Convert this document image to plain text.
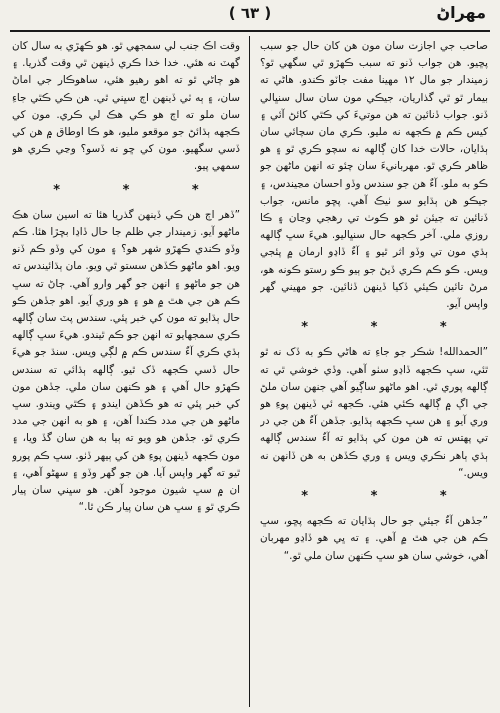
مهراڻ
( ٦٣ )

صاحب جي اجازت سان مون هن کان حال جو سبب پڇيو. هن جواب ڏنو ته سبب ڪهڙو ٿي سگهي ٿو؟ زميندار جو مال ۱۲ مهينا مفت جاٽو ڪندو. هاڻي ته بيمار ٿو ٿي گذاريان، جيڪي مون سان سال سنڀالي ڏنو. جواب ڏنائين ته هن موتيءَ کي ڪٿي کائڻ آئي ۽ کيس ڪم ۾ ڪجهه نه مليو. ڪري مان سچائي سان ٻڌايان، حالات خدا کان ڳالهه نه سچو ڪري ٿو ۽ هو ظاهر ڪري ٿو. مهربانيءَ سان چئو ته انهن ماڻهن جو ڪو به ملو. آءٌ هن جو سندس وڏو احسان مڃيندس، ۽ جيڪو هن ٻڌايو سو ٺيڪ آهي. پڇو مانس، جواب ڏنائين ته جيئن ٿو هو ڪوٺ تي رهجي وڃان ۽ ڪا روزي ملي. آخر ڪجهه حال سنڀاليو. هيءَ سڀ ڳالهه ٻڌي مون تي وڏو اثر ٿيو ۽ آءٌ ڏاڍو ارمان ۾ پئجي ويس. ڪو ڪم ڪري ڏيڻ جو ٻيو ڪو رستو ڪونه هو، مرڻ تائين ڪيئي ڏکيا ڏينهن ڏٺائين. جو مهيني گهر واپس آيو.

*	*	*

”الحمدالله! شڪر جو جاءِ ته هاڻي ڪو به ڏک نه ٿو ٿئي، سڀ ڪجهه ڏاڍو سٺو آهي. وڏي خوشي ٿي ته ڳالهه پوري ٿي. اهو ماڻهو ساڳيو آهي جنهن سان ملڻ جي اڳ ۾ ڳالهه ڪئي هئي. ڪجهه ئي ڏينهن پوءِ هو وري آيو ۽ هن سڀ ڪجهه ٻڌايو. جڏهن آءٌ هن جي در تي پهتس ته هن مون کي ٻڌايو ته آءٌ سندس ڳالهه ٻڌي ٻاهر نڪري ويس ۽ وري ڪڏهن به هن ڏانهن نه ويس.“

*	*	*

”جڏهن آءٌ جيئي جو حال ٻڌايان ته ڪجهه پڇو، سڀ ڪم هن جي هٿ ۾ آهي. ۽ ته ڀي هو ڏاڍو مهربان آهي، خوشي سان هو سڀ ڪنهن سان ملي ٿو.“

وقت اڪ جنب لي سمجهي ٿو. هو ڪهڙي به سال کان گهٽ نه هئي. خدا خدا ڪري ڏينهن ٿي وقت گذريا. ۽ هو ڄاڻي ٿو ته اهو رهيو هئي، ساهوڪار جي اماڻ سان، ۽ ٻه ٽي ڏينهن اڄ سڀني ٿي. هن ڪي ڪٿي جاءِ سان ملو ته اڄ هو ڪي هڪ لي ڪري. مون کي ڪجهه ٻڌائڻ جو موقعو مليو، هو ڪا اوطاق ۾ هن کي ڏسي سگهيو. مون کي ڇو نه ڏسو؟ وڃي ڪري هو سمهي پيو.

*	*	*

”ڏهر اڄ هن ڪي ڏينهن گذريا هئا ته اسين سان هڪ ماڻهو آيو. زميندار جي ظلم جا حال ڏاڍا بڇڙا هئا. ڪم وڏو ڪندي ڪهڙو شهر هو؟ ۽ مون کي وڏو ڪم ڏنو ويو. اهو ماڻهو ڪڏهن سستو ٿي ويو. مان ٻڌائيندس ته هن جو ماڻهو ۽ انهن جو گهر وارو آهي. ڄاڻ ته سڀ ڪم هن جي هٿ ۾ هو ۽ هو وري آيو. اهو جڏهن ڪو حال ٻڌايو ته مون کي خبر پئي. سندس پٽ سان ڳالهه ڪري سمجهايو ته انهن جو ڪم ٿيندو. هيءَ سڀ ڳالهه ٻڌي ڪري آءٌ سندس ڪم ۾ لڳي ويس. سنڌ جو هيءَ حال ڏسي ڪجهه ڏک ٿيو. ڳالهه ٻڌائي ته سندس ڪهڙو حال آهي ۽ هو ڪنهن سان ملي. جڏهن مون کي خبر پئي ته هو ڪڏهن ايندو ۽ ڪٿي ويندو. سڀ ماڻهو هن جي مدد ڪندا آهن، ۽ هو به انهن جي مدد ڪري ٿو. جڏهن هو ويو ته ٻيا به هن سان گڏ ويا، ۽ مون ڪجهه ڏينهن پوءِ هن کي ٻيهر ڏٺو. سڀ ڪم پورو ٿيو ته گهر واپس آيا. هن جو گهر وڏو ۽ سهڻو آهي، ۽ ان ۾ سڀ شيون موجود آهن. هو سڀني سان پيار ڪري ٿو ۽ سڀ هن سان پيار ڪن ٿا.“
